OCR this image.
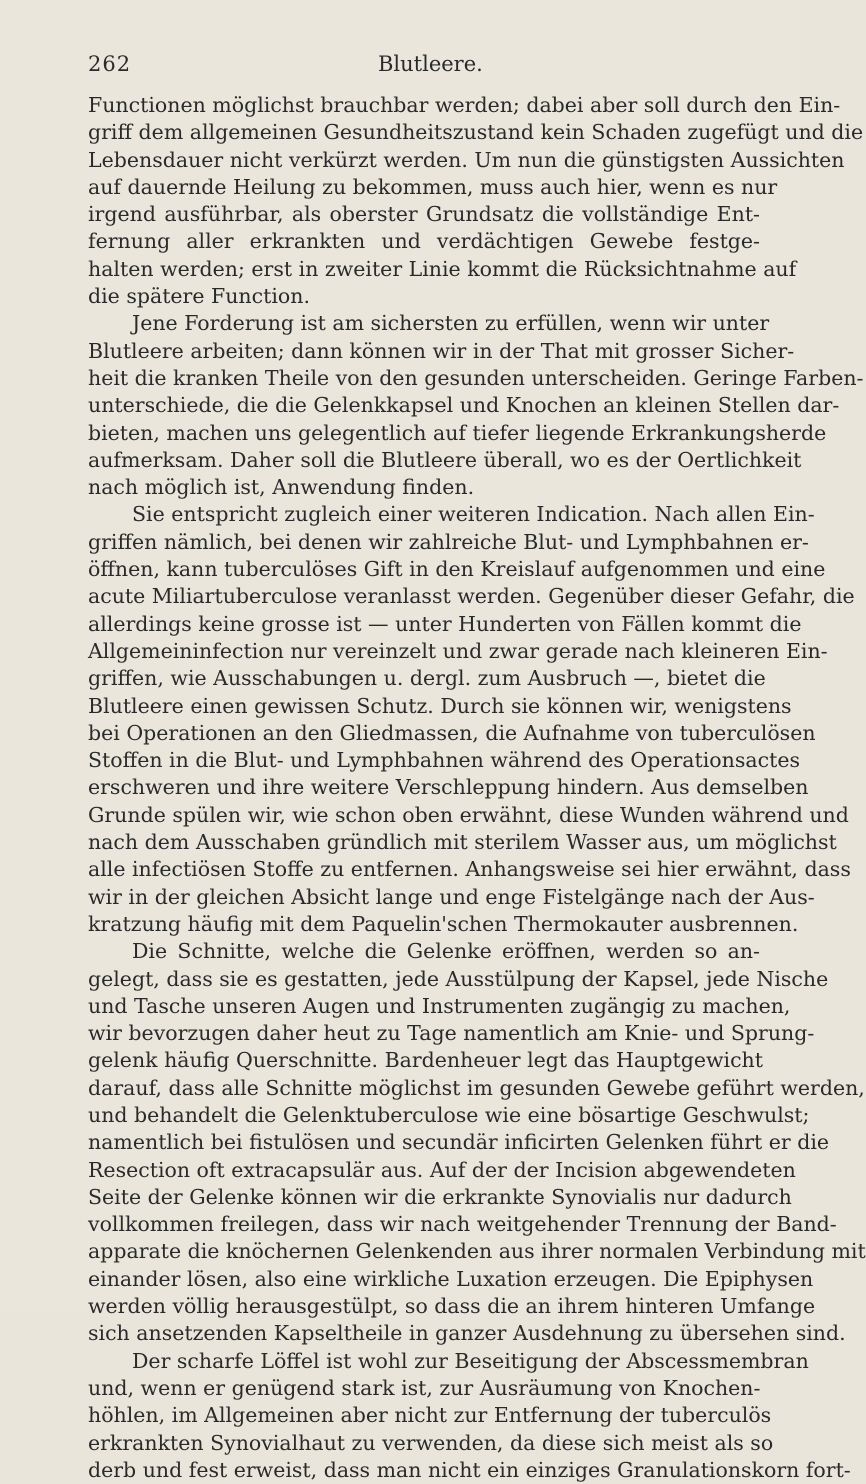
262	Blutleere.
Functionen möglichst brauchbar werden; dabei aber soll durch den Ein-
griff dem allgemeinen Gesundheitszustand kein Schaden zugefügt und die
Lebensdauer nicht verkürzt werden. Um nun die günstigsten Aussichten
auf dauernde Heilung zu bekommen, muss auch hier, wenn es nur
irgend ausführbar, als oberster Grundsatz die vollständige Ent-
fernung aller erkrankten und verdächtigen Gewebe festge-
halten werden; erst in zweiter Linie kommt die Rücksichtnahme auf
die spätere Function.
Jene Forderung ist am sichersten zu erfüllen, wenn wir unter
Blutleere arbeiten; dann können wir in der That mit grosser Sicher-
heit die kranken Theile von den gesunden unterscheiden. Geringe Farben-
unterschiede, die die Gelenkkapsel und Knochen an kleinen Stellen dar-
bieten, machen uns gelegentlich auf tiefer liegende Erkrankungsherde
aufmerksam. Daher soll die Blutleere überall, wo es der Oertlichkeit
nach möglich ist, Anwendung finden.
Sie entspricht zugleich einer weiteren Indication. Nach allen Ein-
griffen nämlich, bei denen wir zahlreiche Blut- und Lymphbahnen er-
öffnen, kann tuberculöses Gift in den Kreislauf aufgenommen und eine
acute Miliartuberculose veranlasst werden. Gegenüber dieser Gefahr, die
allerdings keine grosse ist — unter Hunderten von Fällen kommt die
Allgemeininfection nur vereinzelt und zwar gerade nach kleineren Ein-
griffen, wie Ausschabungen u. dergl. zum Ausbruch —, bietet die
Blutleere einen gewissen Schutz. Durch sie können wir, wenigstens
bei Operationen an den Gliedmassen, die Aufnahme von tuberculösen
Stoffen in die Blut- und Lymphbahnen während des Operationsactes
erschweren und ihre weitere Verschleppung hindern. Aus demselben
Grunde spülen wir, wie schon oben erwähnt, diese Wunden während und
nach dem Ausschaben gründlich mit sterilem Wasser aus, um möglichst
alle infectiösen Stoffe zu entfernen. Anhangsweise sei hier erwähnt, dass
wir in der gleichen Absicht lange und enge Fistelgänge nach der Aus-
kratzung häufig mit dem Paquelin'schen Thermokauter ausbrennen.
Die Schnitte, welche die Gelenke eröffnen, werden so an-
gelegt, dass sie es gestatten, jede Ausstülpung der Kapsel, jede Nische
und Tasche unseren Augen und Instrumenten zugängig zu machen,
wir bevorzugen daher heut zu Tage namentlich am Knie- und Sprung-
gelenk häufig Querschnitte. Bardenheuer legt das Hauptgewicht
darauf, dass alle Schnitte möglichst im gesunden Gewebe geführt werden,
und behandelt die Gelenktuberculose wie eine bösartige Geschwulst;
namentlich bei fistulösen und secundär inficirten Gelenken führt er die
Resection oft extracapsulär aus. Auf der der Incision abgewendeten
Seite der Gelenke können wir die erkrankte Synovialis nur dadurch
vollkommen freilegen, dass wir nach weitgehender Trennung der Band-
apparate die knöchernen Gelenkenden aus ihrer normalen Verbindung mit
einander lösen, also eine wirkliche Luxation erzeugen. Die Epiphysen
werden völlig herausgestülpt, so dass die an ihrem hinteren Umfange
sich ansetzenden Kapseltheile in ganzer Ausdehnung zu übersehen sind.
Der scharfe Löffel ist wohl zur Beseitigung der Abscessmembran
und, wenn er genügend stark ist, zur Ausräumung von Knochen-
höhlen, im Allgemeinen aber nicht zur Entfernung der tuberculös
erkrankten Synovialhaut zu verwenden, da diese sich meist als so
derb und fest erweist, dass man nicht ein einziges Granulationskorn fort-
